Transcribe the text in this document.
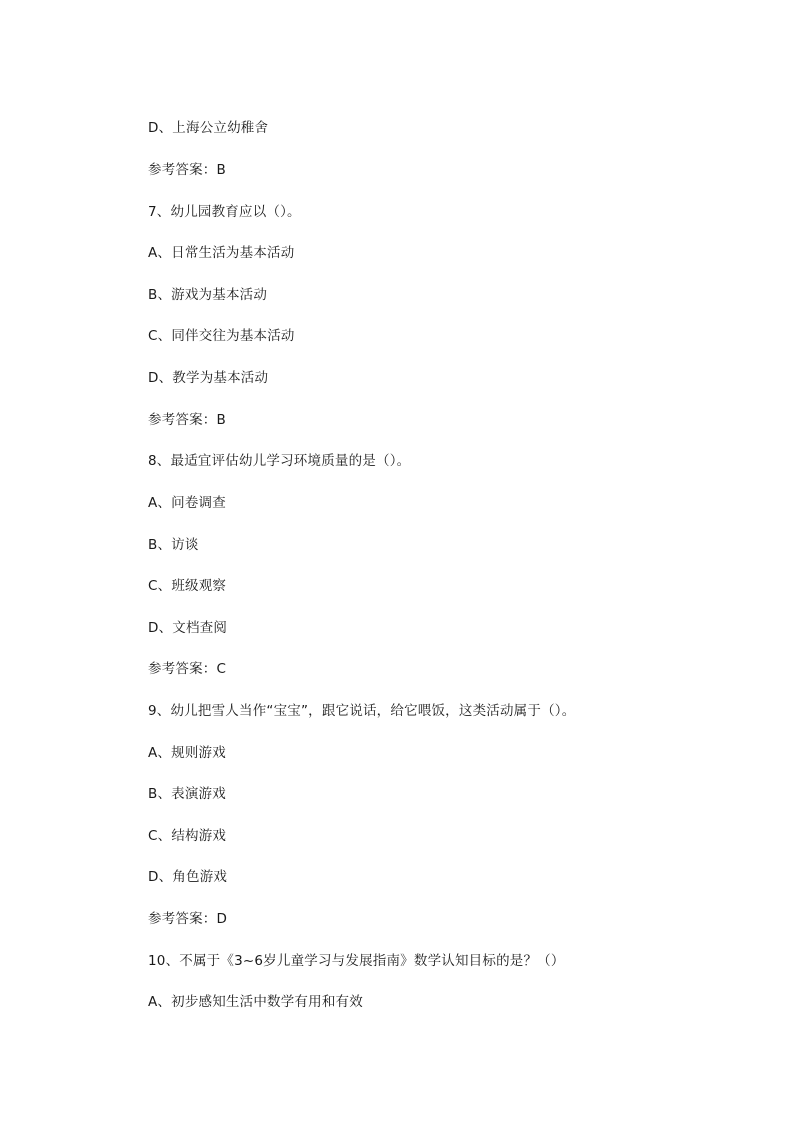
D、上海公立幼稚舍
参考答案：B
7、幼儿园教育应以（）。
A、日常生活为基本活动
B、游戏为基本活动
C、同伴交往为基本活动
D、教学为基本活动
参考答案：B
8、最适宜评估幼儿学习环境质量的是（）。
A、问卷调查
B、访谈
C、班级观察
D、文档查阅
参考答案：C
9、幼儿把雪人当作“宝宝”，跟它说话，给它喂饭，这类活动属于（）。
A、规则游戏
B、表演游戏
C、结构游戏
D、角色游戏
参考答案：D
10、不属于《3~6岁儿童学习与发展指南》数学认知目标的是？（）
A、初步感知生活中数学有用和有效
